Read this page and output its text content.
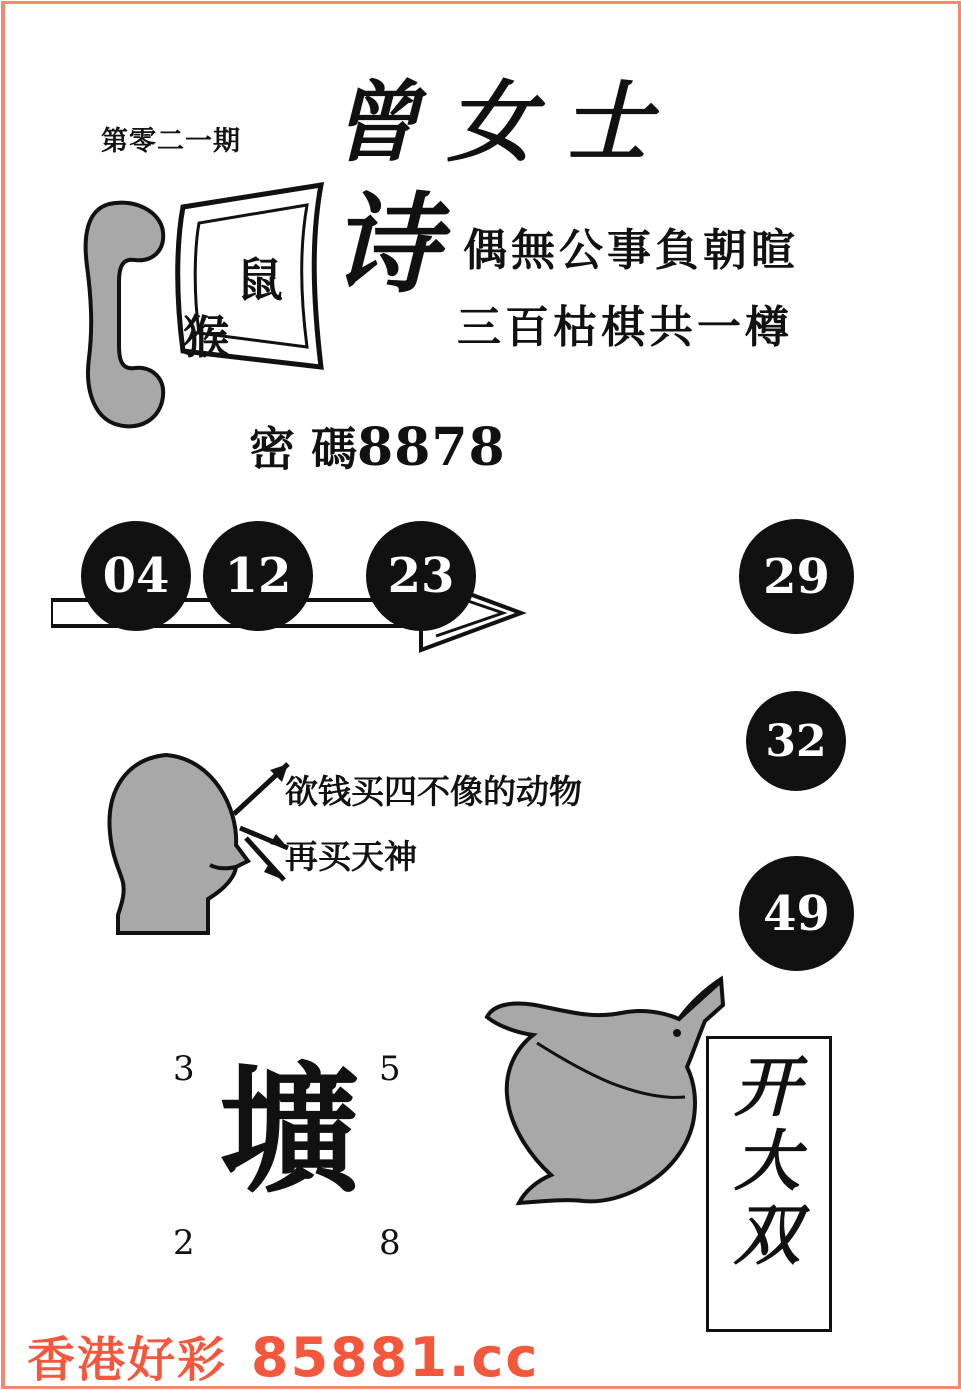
第零二一期 曾女士
鼠
猴
诗 偶無公事負朝暄
三百枯棋共一樽
密 碼8878
04	12	23	29
32
49
欲钱买四不像的动物
再买天神
壙
3	5
2	8
开大双
香港好彩 85881.cc
